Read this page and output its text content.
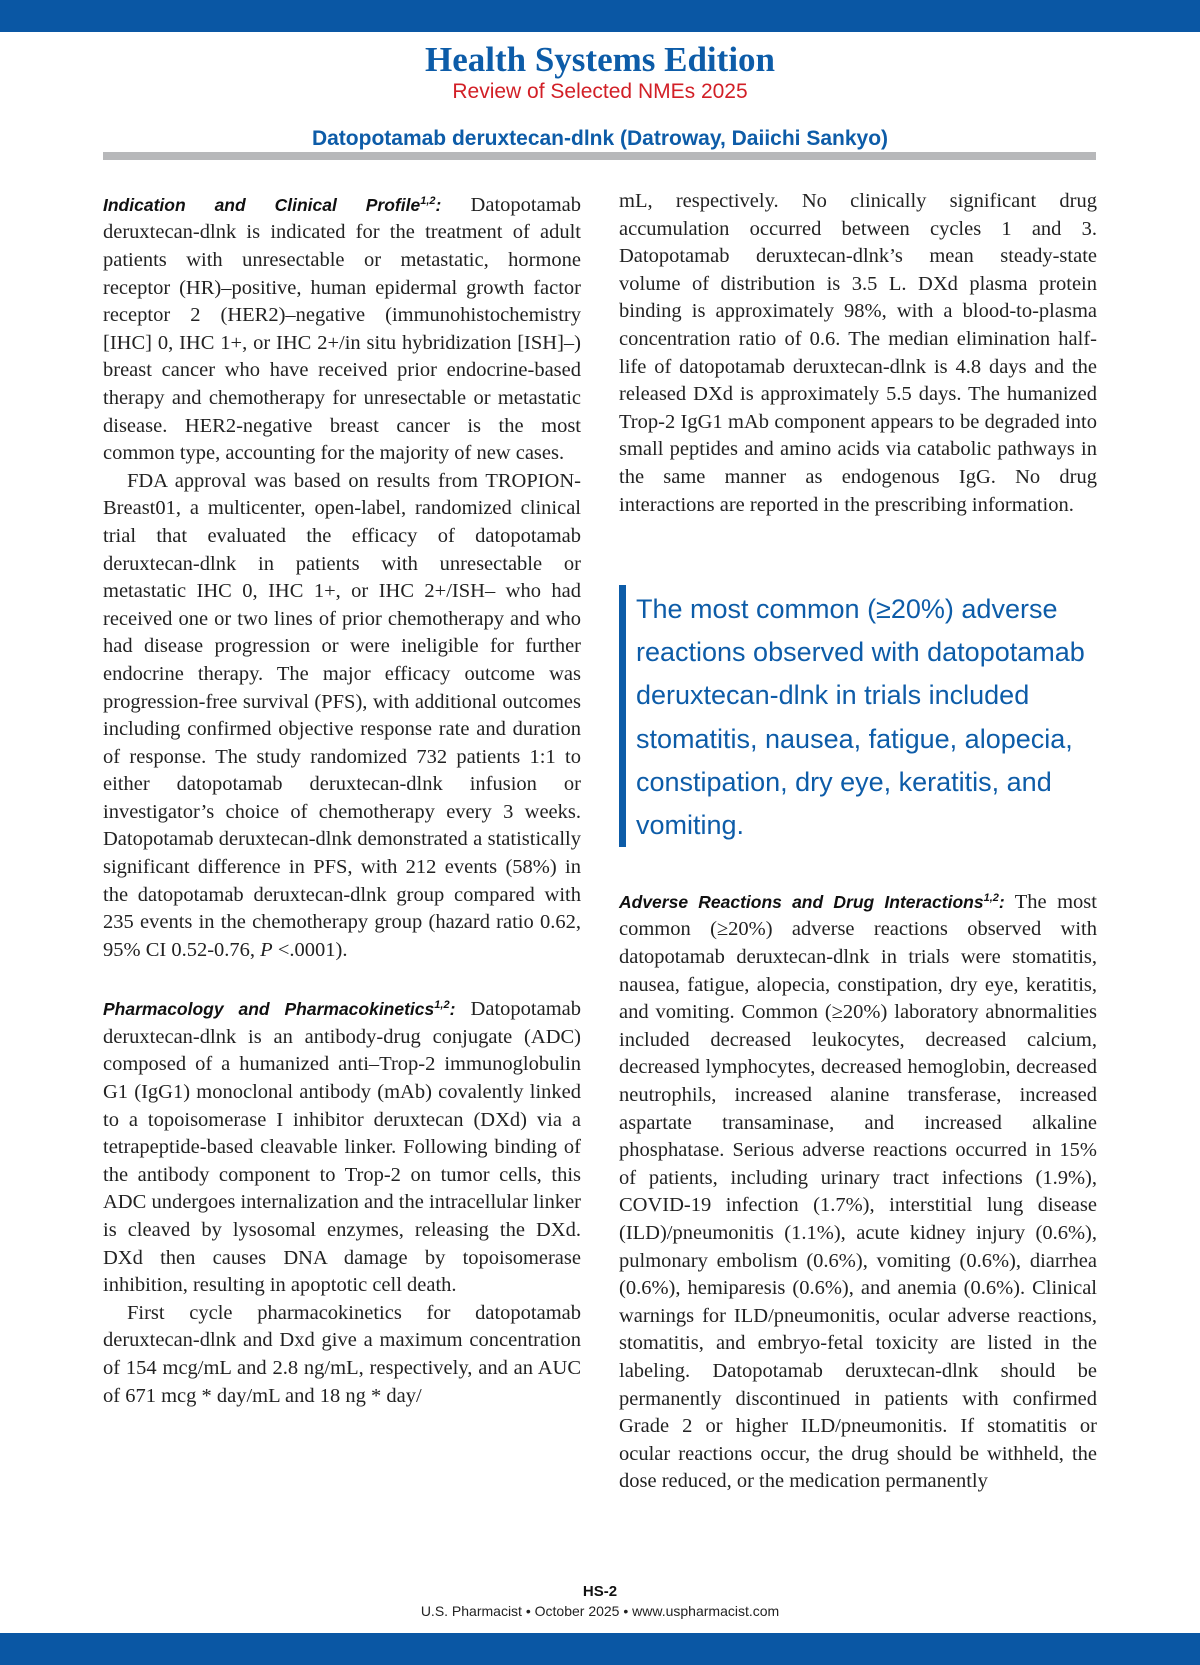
Health Systems Edition
Review of Selected NMEs 2025
Datopotamab deruxtecan-dlnk (Datroway, Daiichi Sankyo)

Indication and Clinical Profile$^{1,2}$: Datopotamab deruxtecan-dlnk is indicated for the treatment of adult patients with unresectable or metastatic, hormone receptor (HR)–positive, human epidermal growth factor receptor 2 (HER2)–negative (immunohistochemistry [IHC] 0, IHC 1+, or IHC 2+/in situ hybridization [ISH]–) breast cancer who have received prior endocrine-based therapy and chemotherapy for unresectable or metastatic disease. HER2-negative breast cancer is the most common type, accounting for the majority of new cases.

FDA approval was based on results from TROPION-Breast01, a multicenter, open-label, randomized clinical trial that evaluated the efficacy of datopotamab deruxtecan-dlnk in patients with unresectable or metastatic IHC 0, IHC 1+, or IHC 2+/ISH– who had received one or two lines of prior chemotherapy and who had disease progression or were ineligible for further endocrine therapy. The major efficacy outcome was progression-free survival (PFS), with additional outcomes including confirmed objective response rate and duration of response. The study randomized 732 patients 1:1 to either datopotamab deruxtecan-dlnk infusion or investigator’s choice of chemotherapy every 3 weeks. Datopotamab deruxtecan-dlnk demonstrated a statistically significant difference in PFS, with 212 events (58%) in the datopotamab deruxtecan-dlnk group compared with 235 events in the chemotherapy group (hazard ratio 0.62, 95% CI 0.52-0.76, P <.0001).

Pharmacology and Pharmacokinetics$^{1,2}$: Datopotamab deruxtecan-dlnk is an antibody-drug conjugate (ADC) composed of a humanized anti–Trop-2 immunoglobulin G1 (IgG1) monoclonal antibody (mAb) covalently linked to a topoisomerase I inhibitor deruxtecan (DXd) via a tetrapeptide-based cleavable linker. Following binding of the antibody component to Trop-2 on tumor cells, this ADC undergoes internalization and the intracellular linker is cleaved by lysosomal enzymes, releasing the DXd. DXd then causes DNA damage by topoisomerase inhibition, resulting in apoptotic cell death.

First cycle pharmacokinetics for datopotamab deruxtecan-dlnk and Dxd give a maximum concentration of 154 mcg/mL and 2.8 ng/mL, respectively, and an AUC of 671 mcg * day/mL and 18 ng * day/

mL, respectively. No clinically significant drug accumulation occurred between cycles 1 and 3. Datopotamab deruxtecan-dlnk’s mean steady-state volume of distribution is 3.5 L. DXd plasma protein binding is approximately 98%, with a blood-to-plasma concentration ratio of 0.6. The median elimination half-life of datopotamab deruxtecan-dlnk is 4.8 days and the released DXd is approximately 5.5 days. The humanized Trop-2 IgG1 mAb component appears to be degraded into small peptides and amino acids via catabolic pathways in the same manner as endogenous IgG. No drug interactions are reported in the prescribing information.

The most common (≥20%) adverse reactions observed with datopotamab deruxtecan-dlnk in trials included stomatitis, nausea, fatigue, alopecia, constipation, dry eye, keratitis, and vomiting.

Adverse Reactions and Drug Interactions$^{1,2}$: The most common (≥20%) adverse reactions observed with datopotamab deruxtecan-dlnk in trials were stomatitis, nausea, fatigue, alopecia, constipation, dry eye, keratitis, and vomiting. Common (≥20%) laboratory abnormalities included decreased leukocytes, decreased calcium, decreased lymphocytes, decreased hemoglobin, decreased neutrophils, increased alanine transferase, increased aspartate transaminase, and increased alkaline phosphatase. Serious adverse reactions occurred in 15% of patients, including urinary tract infections (1.9%), COVID-19 infection (1.7%), interstitial lung disease (ILD)/pneumonitis (1.1%), acute kidney injury (0.6%), pulmonary embolism (0.6%), vomiting (0.6%), diarrhea (0.6%), hemiparesis (0.6%), and anemia (0.6%). Clinical warnings for ILD/pneumonitis, ocular adverse reactions, stomatitis, and embryo-fetal toxicity are listed in the labeling. Datopotamab deruxtecan-dlnk should be permanently discontinued in patients with confirmed Grade 2 or higher ILD/pneumonitis. If stomatitis or ocular reactions occur, the drug should be withheld, the dose reduced, or the medication permanently

HS-2
U.S. Pharmacist • October 2025 • www.uspharmacist.com
